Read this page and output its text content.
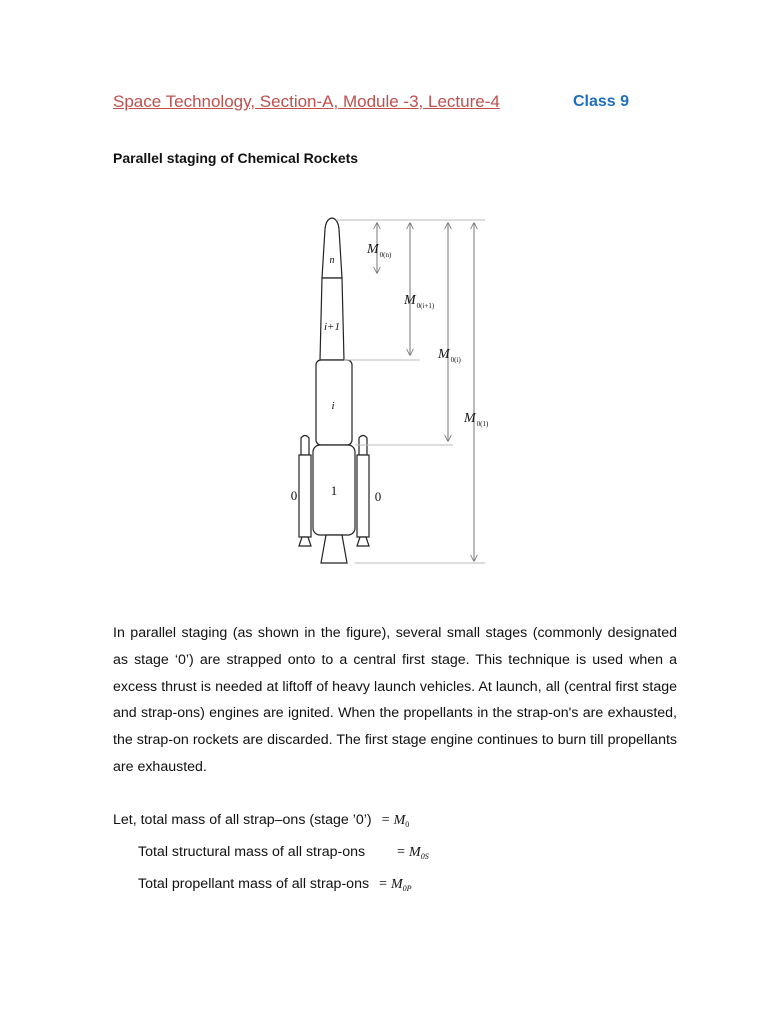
Space Technology, Section-A, Module -3, Lecture-4	Class 9
Parallel staging of Chemical Rockets
n
i+1
i
1
0	0
$M_{0(n)}$
$M_{0(i+1)}$
$M_{0(i)}$
$M_{0(1)}$

In parallel staging (as shown in the figure), several small stages (commonly designated as stage ‘0’) are strapped onto to a central first stage. This technique is used when a excess thrust is needed at liftoff of heavy launch vehicles. At launch, all (central first stage and strap-ons) engines are ignited. When the propellants in the strap-on's are exhausted, the strap-on rockets are discarded. The first stage engine continues to burn till propellants are exhausted.

Let, total mass of all strap–ons (stage ’0’) = $M_0$
Total structural mass of all strap-ons = $M_{0S}$
Total propellant mass of all strap-ons = $M_{0P}$
